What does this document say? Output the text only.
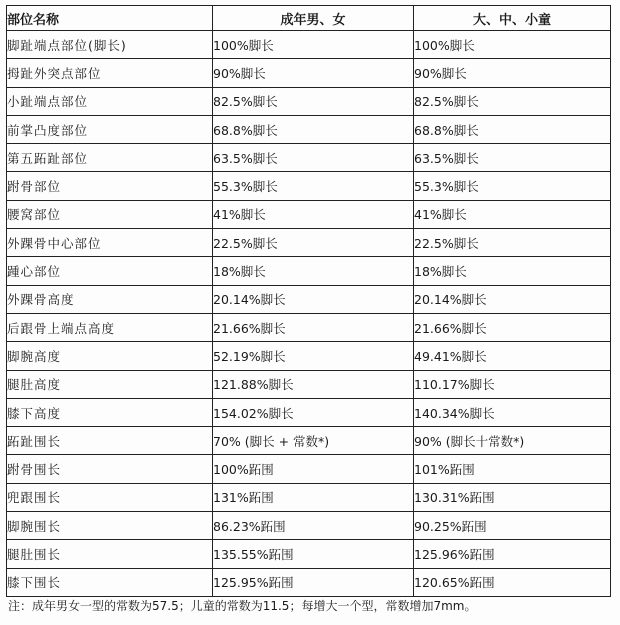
部位名称	成年男、女	大、中、小童
脚趾端点部位(脚长)	100%脚长	100%脚长
拇趾外突点部位	90%脚长	90%脚长
小趾端点部位	82.5%脚长	82.5%脚长
前掌凸度部位	68.8%脚长	68.8%脚长
第五跖趾部位	63.5%脚长	63.5%脚长
跗骨部位	55.3%脚长	55.3%脚长
腰窝部位	41%脚长	41%脚长
外踝骨中心部位	22.5%脚长	22.5%脚长
踵心部位	18%脚长	18%脚长
外踝骨高度	20.14%脚长	20.14%脚长
后跟骨上端点高度	21.66%脚长	21.66%脚长
脚腕高度	52.19%脚长	49.41%脚长
腿肚高度	121.88%脚长	110.17%脚长
膝下高度	154.02%脚长	140.34%脚长
跖趾围长	70% (脚长 + 常数*)	90% (脚长十常数*)
跗骨围长	100%跖围	101%跖围
兜跟围长	131%跖围	130.31%跖围
脚腕围长	86.23%跖围	90.25%跖围
腿肚围长	135.55%跖围	125.96%跖围
膝下围长	125.95%跖围	120.65%跖围
注：成年男女一型的常数为57.5；儿童的常数为11.5；每增大一个型，常数增加7mm。
